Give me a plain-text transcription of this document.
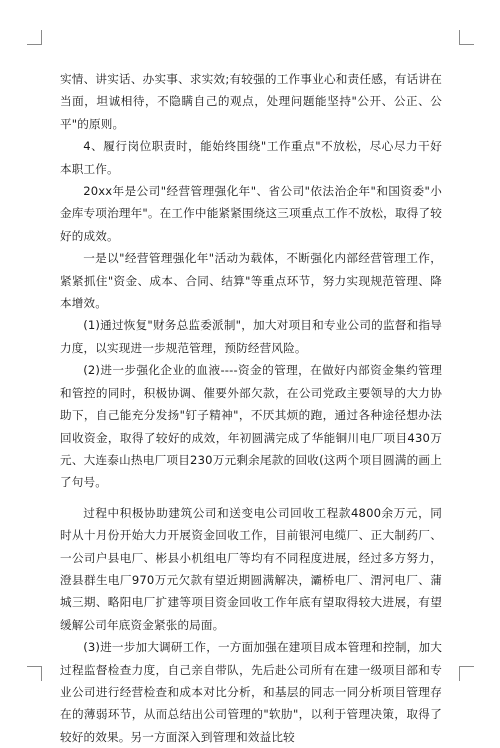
实情、讲实话、办实事、求实效;有较强的工作事业心和责任感，有话讲在当面，坦诚相待，不隐瞒自己的观点，处理问题能坚持"公开、公正、公平"的原则。

4、履行岗位职责时，能始终围绕"工作重点"不放松，尽心尽力干好本职工作。

20xx年是公司"经营管理强化年"、省公司"依法治企年"和国资委"小金库专项治理年"。在工作中能紧紧围绕这三项重点工作不放松，取得了较好的成效。

一是以"经营管理强化年"活动为载体，不断强化内部经营管理工作，紧紧抓住"资金、成本、合同、结算"等重点环节，努力实现规范管理、降本增效。

(1)通过恢复"财务总监委派制"，加大对项目和专业公司的监督和指导力度，以实现进一步规范管理，预防经营风险。

(2)进一步强化企业的血液----资金的管理，在做好内部资金集约管理和管控的同时，积极协调、催要外部欠款，在公司党政主要领导的大力协助下，自己能充分发扬"钉子精神"，不厌其烦的跑，通过各种途径想办法回收资金，取得了较好的成效，年初圆满完成了华能铜川电厂项目430万元、大连泰山热电厂项目230万元剩余尾款的回收(这两个项目圆满的画上了句号。

过程中积极协助建筑公司和送变电公司回收工程款4800余万元，同时从十月份开始大力开展资金回收工作，目前银河电缆厂、正大制药厂、一公司户县电厂、彬县小机组电厂等均有不同程度进展，经过多方努力，澄县群生电厂970万元欠款有望近期圆满解决，灞桥电厂、渭河电厂、蒲城三期、略阳电厂扩建等项目资金回收工作年底有望取得较大进展，有望缓解公司年底资金紧张的局面。

(3)进一步加大调研工作，一方面加强在建项目成本管理和控制，加大过程监督检查力度，自己亲自带队，先后赴公司所有在建一级项目部和专业公司进行经营检查和成本对比分析，和基层的同志一同分析项目管理存在的薄弱环节，从而总结出公司管理的"软肋"，以利于管理决策，取得了较好的效果。另一方面深入到管理和效益比较
